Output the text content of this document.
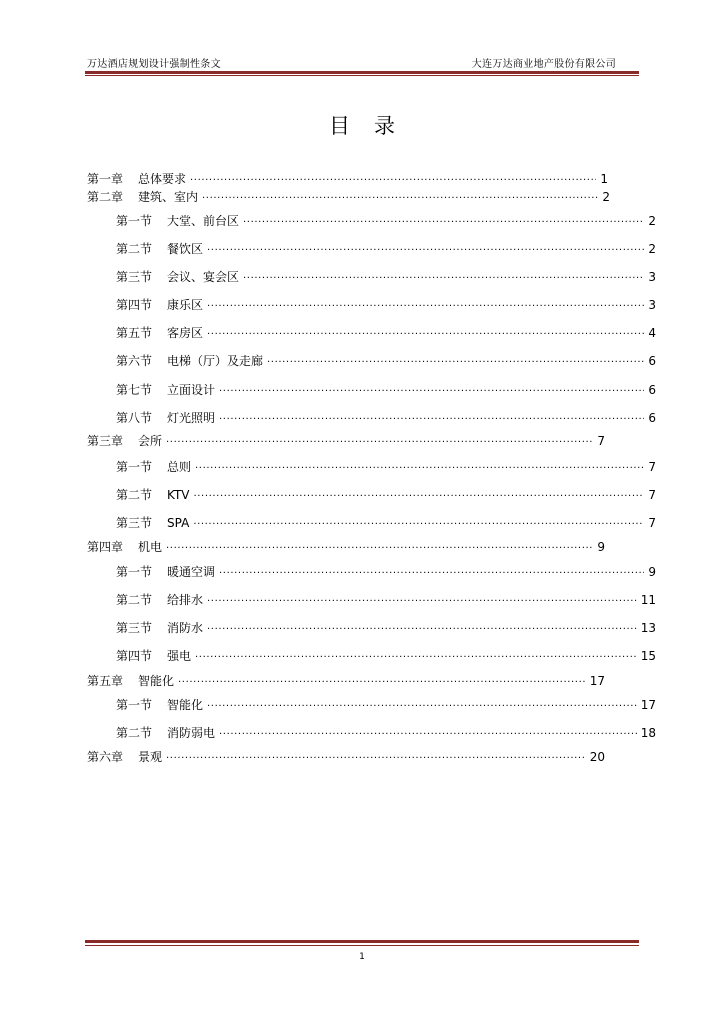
万达酒店规划设计强制性条文	大连万达商业地产股份有限公司
目录
第一章 总体要求 .....	1
第二章 建筑、室内 .....	2
第一节 大堂、前台区 .....	2
第二节 餐饮区 .....	2
第三节 会议、宴会区 .....	3
第四节 康乐区 .....	3
第五节 客房区 .....	4
第六节 电梯（厅）及走廊 .....	6
第七节 立面设计 .....	6
第八节 灯光照明 .....	6
第三章 会所 .....	7
第一节 总则 .....	7
第二节 KTV .....	7
第三节 SPA .....	7
第四章 机电 .....	9
第一节 暖通空调 .....	9
第二节 给排水 .....	11
第三节 消防水 .....	13
第四节 强电 .....	15
第五章 智能化 .....	17
第一节 智能化 .....	17
第二节 消防弱电 .....	18
第六章 景观 .....	20
1
